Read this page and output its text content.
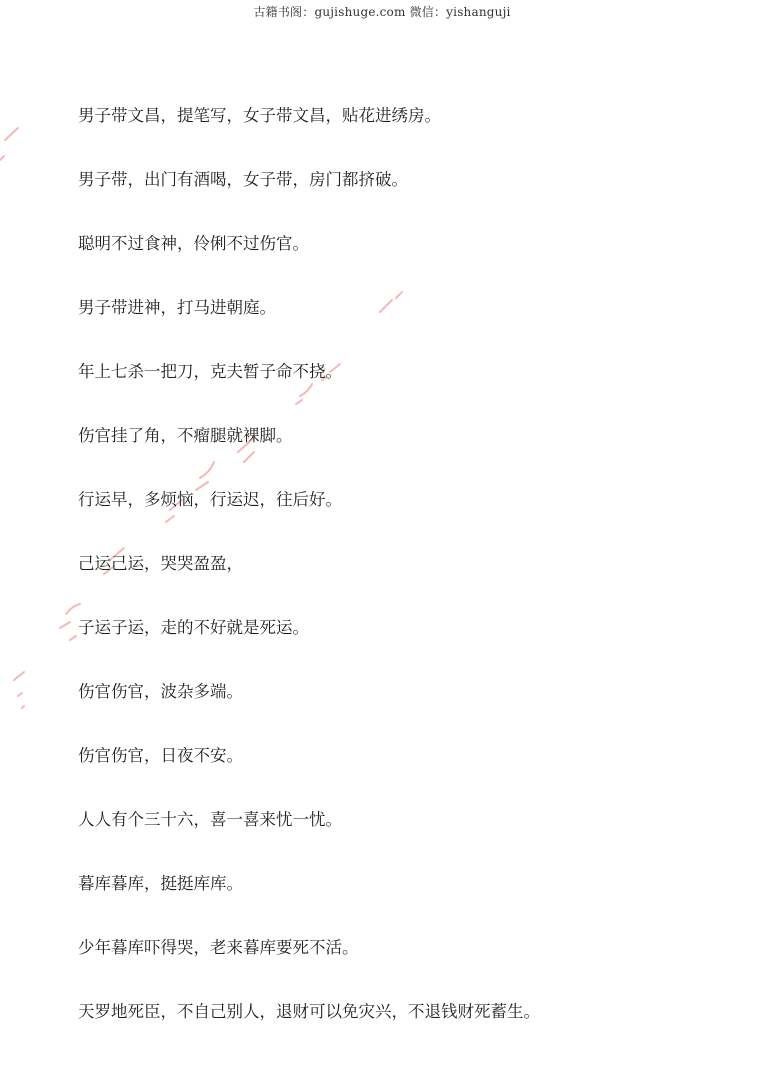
古籍书阁：gujishuge.com 微信：yishanguji
男子带文昌，提笔写，女子带文昌，贴花进绣房。
男子带，出门有酒喝，女子带，房门都挤破。
聪明不过食神，伶俐不过伤官。
男子带进神，打马进朝庭。
年上七杀一把刀，克夫暂子命不挠。
伤官挂了角，不瘤腿就裸脚。
行运早，多烦恼，行运迟，往后好。
己运己运，哭哭盈盈，
子运子运，走的不好就是死运。
伤官伤官，波杂多端。
伤官伤官，日夜不安。
人人有个三十六，喜一喜来忧一忧。
暮库暮库，挺挺库库。
少年暮库吓得哭，老来暮库要死不活。
天罗地死臣，不自己别人，退财可以免灾兴，不退钱财死蓄生。
